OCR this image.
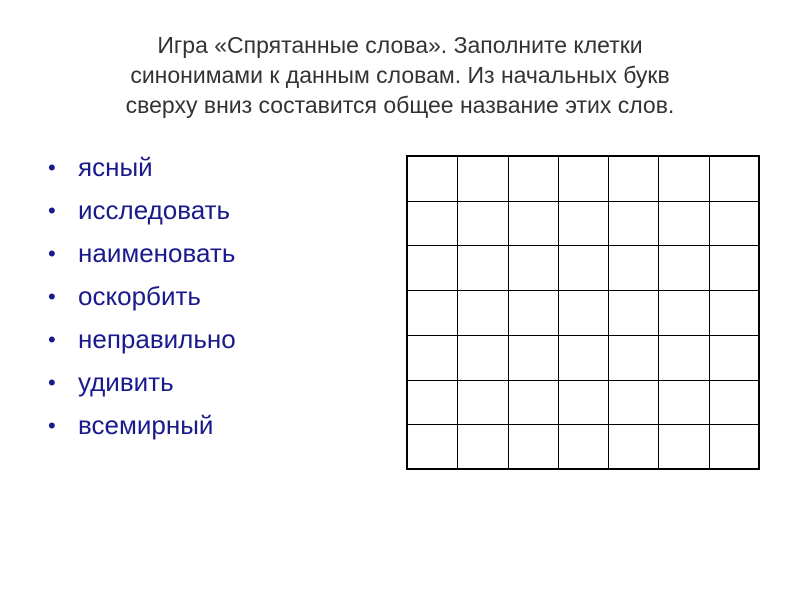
Игра «Спрятанные слова». Заполните клетки
синонимами к данным словам. Из начальных букв
сверху вниз составится общее название этих слов.
• ясный
• исследовать
• наименовать
• оскорбить
• неправильно
• удивить
• всемирный
